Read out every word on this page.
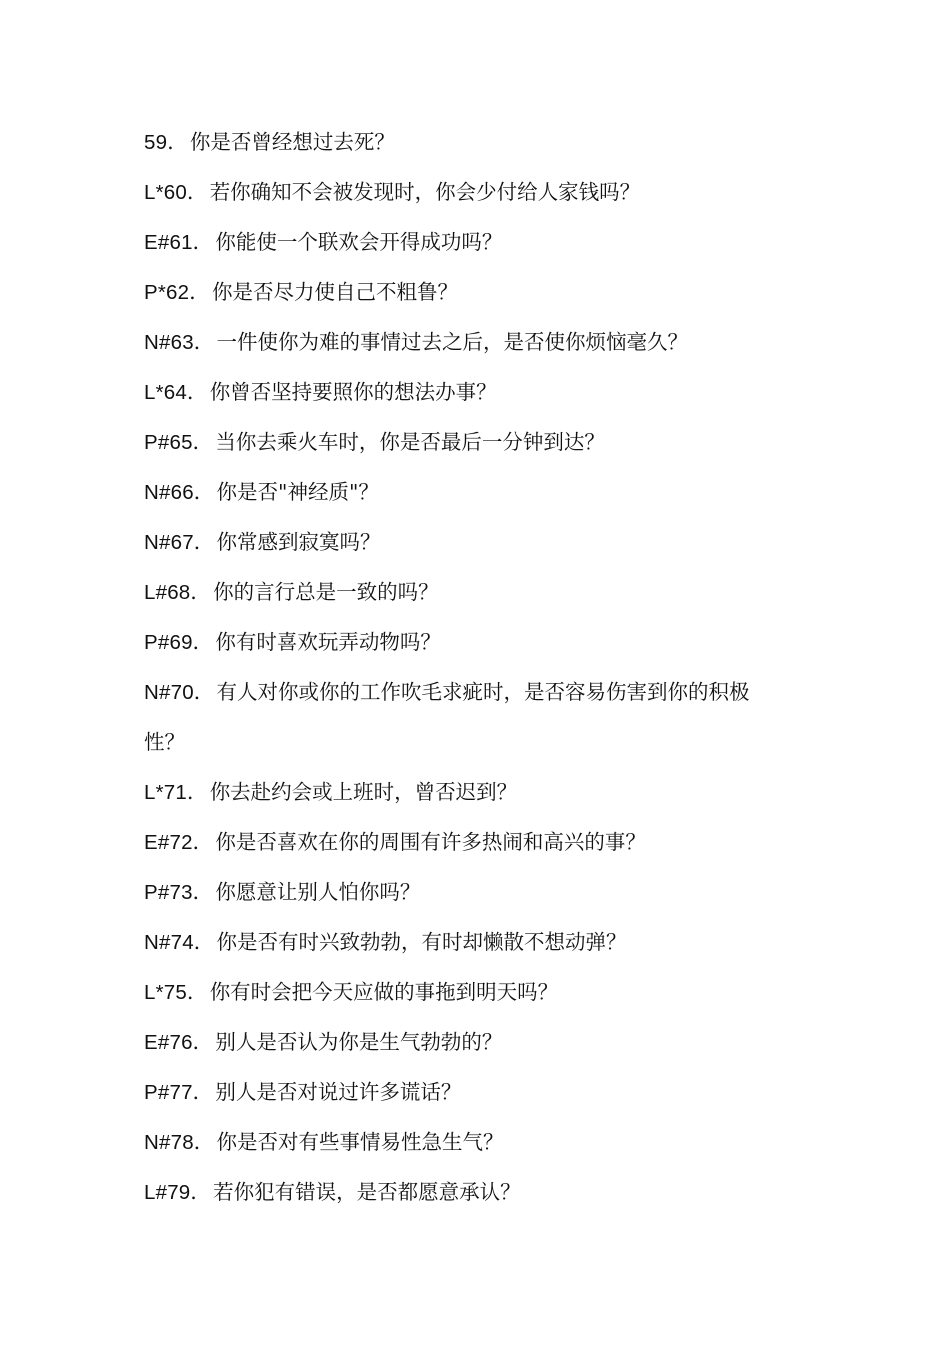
59．你是否曾经想过去死？
L*60．若你确知不会被发现时，你会少付给人家钱吗？
E#61．你能使一个联欢会开得成功吗？
P*62．你是否尽力使自己不粗鲁？
N#63．一件使你为难的事情过去之后，是否使你烦恼毫久？
L*64．你曾否坚持要照你的想法办事？
P#65．当你去乘火车时，你是否最后一分钟到达？
N#66．你是否"神经质"？
N#67．你常感到寂寞吗？
L#68．你的言行总是一致的吗？
P#69．你有时喜欢玩弄动物吗？
N#70．有人对你或你的工作吹毛求疵时，是否容易伤害到你的积极
性？
L*71．你去赴约会或上班时，曾否迟到？
E#72．你是否喜欢在你的周围有许多热闹和高兴的事？
P#73．你愿意让别人怕你吗？
N#74．你是否有时兴致勃勃，有时却懒散不想动弹？
L*75．你有时会把今天应做的事拖到明天吗？
E#76．别人是否认为你是生气勃勃的？
P#77．别人是否对说过许多谎话？
N#78．你是否对有些事情易性急生气？
L#79．若你犯有错误，是否都愿意承认？
